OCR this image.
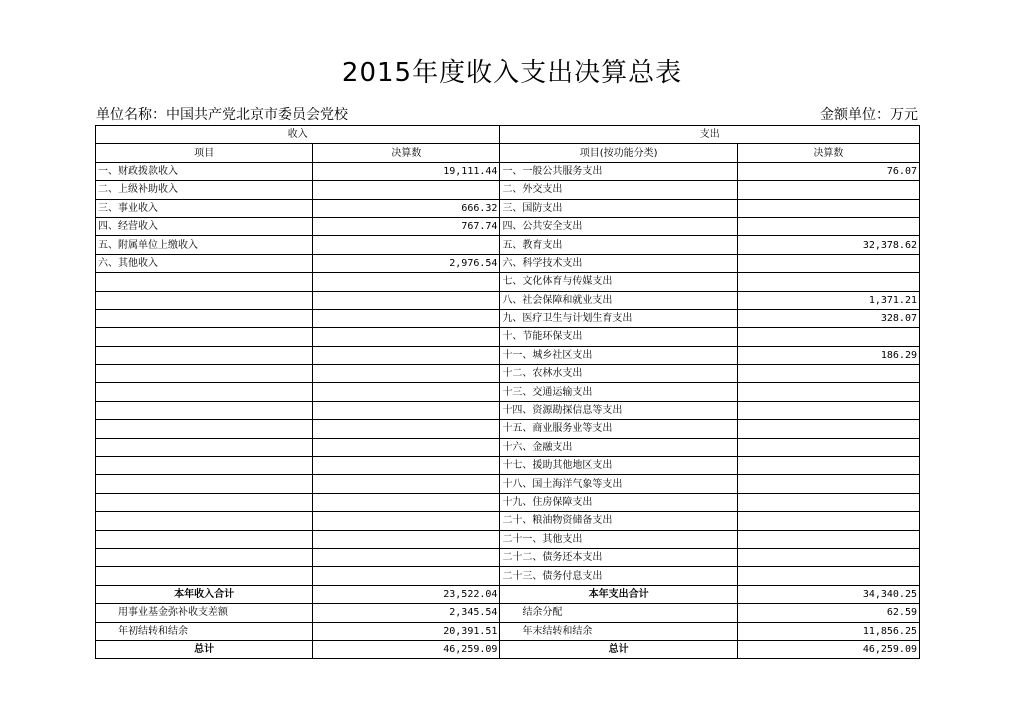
2015年度收入支出决算总表
单位名称：中国共产党北京市委员会党校	金额单位：万元
收入		支出	
项目	决算数	项目(按功能分类)	决算数
一、财政拨款收入	19,111.44	一、一般公共服务支出	76.07
二、上级补助收入		二、外交支出	
三、事业收入	666.32	三、国防支出	
四、经营收入	767.74	四、公共安全支出	
五、附属单位上缴收入		五、教育支出	32,378.62
六、其他收入	2,976.54	六、科学技术支出	
		七、文化体育与传媒支出	
		八、社会保障和就业支出	1,371.21
		九、医疗卫生与计划生育支出	328.07
		十、节能环保支出	
		十一、城乡社区支出	186.29
		十二、农林水支出	
		十三、交通运输支出	
		十四、资源勘探信息等支出	
		十五、商业服务业等支出	
		十六、金融支出	
		十七、援助其他地区支出	
		十八、国土海洋气象等支出	
		十九、住房保障支出	
		二十、粮油物资储备支出	
		二十一、其他支出	
		二十二、债务还本支出	
		二十三、债务付息支出	
本年收入合计	23,522.04	本年支出合计	34,340.25
用事业基金弥补收支差额	2,345.54	结余分配	62.59
年初结转和结余	20,391.51	年末结转和结余	11,856.25
总计	46,259.09	总计	46,259.09
